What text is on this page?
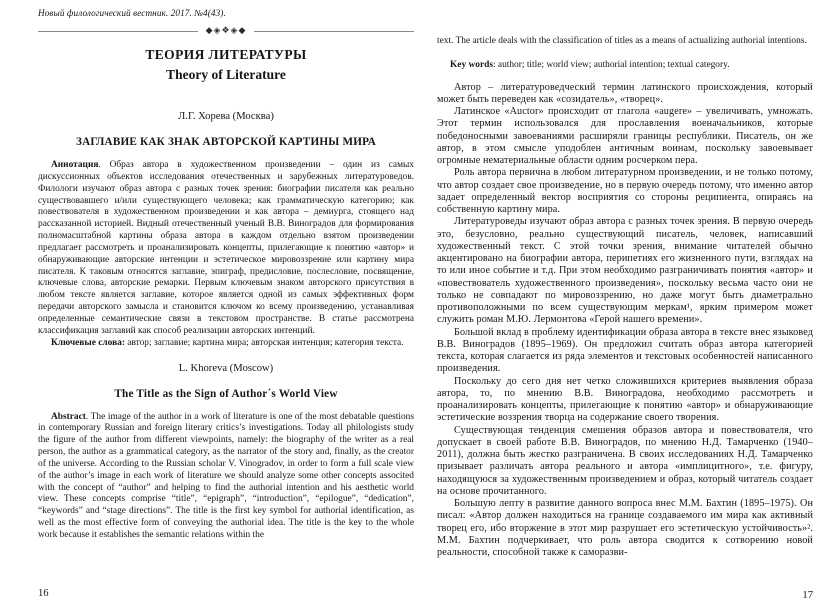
Новый филологический вестник. 2017. №4(43).
◆◈❖◈◆
ТЕОРИЯ ЛИТЕРАТУРЫ
Theory of Literature
Л.Г. Хорева (Москва)
ЗАГЛАВИЕ КАК ЗНАК АВТОРСКОЙ КАРТИНЫ МИРА

Аннотация. Образ автора в художественном произведении – один из самых дискуссионных объектов исследования отечественных и зарубежных литературоведов. Филологи изучают образ автора с разных точек зрения: биографии писателя как реально существовавшего и/или существующего человека; как грамматическую категорию; как повествователя в художественном произведении и как автора – демиурга, стоящего над рассказанной историей. Видный отечественный ученый В.В. Виноградов для формирования полномасштабной картины образа автора в каждом отдельно взятом произведении предлагает рассмотреть и проанализировать концепты, прилегающие к понятию «автор» и обнаруживающие авторские интенции и эстетическое мировоззрение или картину мира писателя. К таковым относятся заглавие, эпиграф, предисловие, послесловие, посвящение, ключевые слова, авторские ремарки. Первым ключевым знаком авторского присутствия в любом тексте является заглавие, которое является одной из самых эффективных форм передачи авторского замысла и становится ключом ко всему произведению, устанавливая определенные семантические связи в текстовом пространстве. В статье рассмотрена классификация заглавий как способ реализации авторских интенций.

Ключевые слова: автор; заглавие; картина мира; авторская интенция; категория текста.

L. Khoreva (Moscow)
The Title as the Sign of Author´s World View

Abstract. The image of the author in a work of literature is one of the most debatable questions in contemporary Russian and foreign literary critics’s investigations. Today all philologists study the figure of the author from different viewpoints, namely: the biography of the writer as a real person, the author as a grammatical category, as the narrator of the story and, finally, as the creator of the universe. According to the Russian scholar V. Vinogradov, in order to form a full scale view of the author’s image in each work of literature we should analyze some other concepts associted with the concept of “author” and helping to find the authorial intention and his aesthetic world view. These concepts comprise “title”, “epigraph”, “introduction”, “epilogue”, “dedication”, “keywords” and “stage directions”. The title is the first key symbol for authorial identification, as well as the most effective form of conveying the authorial idea. The title is the key to the whole work because it establishes the semantic relations within the

text. The article deals with the classification of titles as a means of actualizing authorial intentions.

Key words: author; title; world view; authorial intention; textual category.

Автор – литературоведческий термин латинского происхождения, который может быть переведен как «созидатель», «творец».

Латинское «Auctor» происходит от глагола «augere» – увеличивать, умножать. Этот термин использовался для прославления военачальников, которые победоносными завоеваниями расширяли границы республики. Писатель, он же автор, в этом смысле уподоблен античным воинам, поскольку завоевывает огромные нематериальные области одним росчерком пера.

Роль автора первична в любом литературном произведении, и не только потому, что автор создает свое произведение, но в первую очередь потому, что именно автор задает определенный вектор восприятия со стороны реципиента, опираясь на собственную картину мира.

Литературоведы изучают образ автора с разных точек зрения. В первую очередь это, безусловно, реально существующий писатель, человек, написавший художественный текст. С этой точки зрения, внимание читателей обычно акцентировано на биографии автора, перипетиях его жизненного пути, взглядах на то или иное событие и т.д. При этом необходимо разграничивать понятия «автор» и «повествователь художественного произведения», поскольку весьма часто они не только не совпадают по мировоззрению, но даже могут быть диаметрально противоположными по всем существующим меркам¹, ярким примером может служить роман М.Ю. Лермонтова «Герой нашего времени».

Большой вклад в проблему идентификации образа автора в тексте внес языковед В.В. Виноградов (1895–1969). Он предложил считать образ автора категорией текста, которая слагается из ряда элементов и текстовых особенностей написанного произведения.

Поскольку до сего дня нет четко сложившихся критериев выявления образа автора, то, по мнению В.В. Виноградова, необходимо рассмотреть и проанализировать концепты, прилегающие к понятию «автор» и обнаруживающие эстетические воззрения творца на содержание своего творения.

Существующая тенденция смешения образов автора и повествователя, что допускает в своей работе В.В. Виноградов, по мнению Н.Д. Тамарченко (1940–2011), должна быть жестко разграничена. В своих исследованиях Н.Д. Тамарченко призывает различать автора реального и автора «имплицитного», т.е. фигуру, находящуюся за художественным произведением и образ, который читатель создает на основе прочитанного.

Большую лепту в развитие данного вопроса внес М.М. Бахтин (1895–1975). Он писал: «Автор должен находиться на границе создаваемого им мира как активный творец его, ибо вторжение в этот мир разрушает его эстетическую устойчивость»². М.М. Бахтин подчеркивает, что роль автора сводится к сотворению новой реальности, способной также к саморазви-

16	17
